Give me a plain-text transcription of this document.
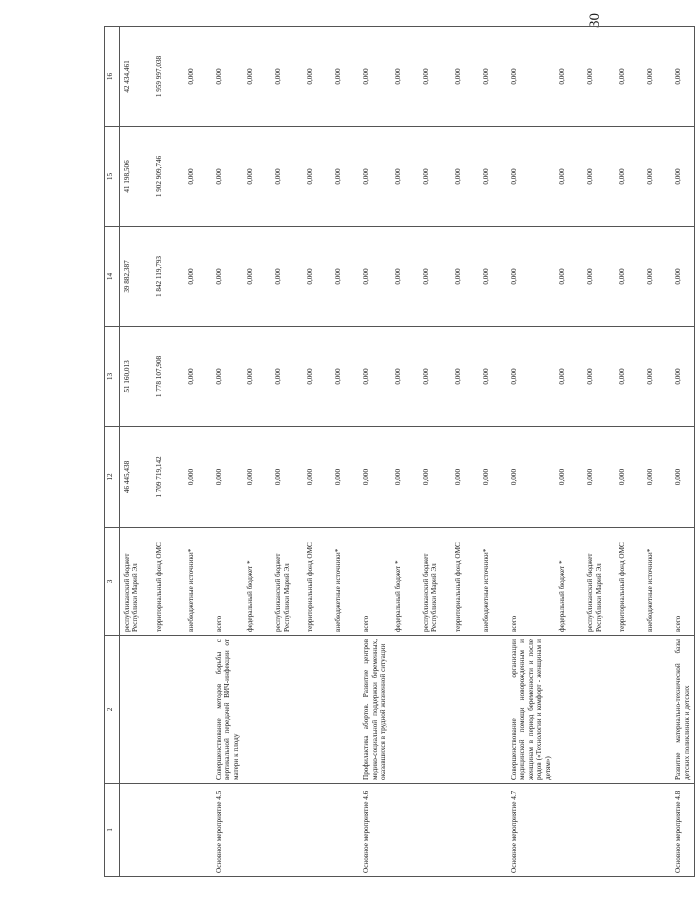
30
1	2	3	12	13	14	15	16
		республиканский бюджет Республики Марий Эл	46 445,438	51 160,013	39 882,387	41 198,506	42 434,461
		территориальный фонд ОМС	1 709 719,142	1 778 107,908	1 842 119,793	1 902 909,746	1 959 997,038
		внебюджетные источники*	0,000	0,000	0,000	0,000	0,000
Основное мероприятие 4.5	Совершенствование методов борьбы с вертикальной передачей ВИЧ-инфекции от матери к плоду	всего	0,000	0,000	0,000	0,000	0,000
		федеральный бюджет *	0,000	0,000	0,000	0,000	0,000
		республиканский бюджет Республики Марий Эл	0,000	0,000	0,000	0,000	0,000
		территориальный фонд ОМС	0,000	0,000	0,000	0,000	0,000
		внебюджетные источники*	0,000	0,000	0,000	0,000	0,000
Основное мероприятие 4.6	Профилактика абортов. Развитие центров медико-социальной поддержки беременных, оказавшихся в трудной жизненной ситуации	всего	0,000	0,000	0,000	0,000	0,000
		федеральный бюджет *	0,000	0,000	0,000	0,000	0,000
		республиканский бюджет Республики Марий Эл	0,000	0,000	0,000	0,000	0,000
		территориальный фонд ОМС	0,000	0,000	0,000	0,000	0,000
		внебюджетные источники*	0,000	0,000	0,000	0,000	0,000
Основное мероприятие 4.7	Совершенствование организации медицинской помощи новорожденным и женщинам в период беременности и после родов («Технологии и комфорт - женщинам и детям»)	всего	0,000	0,000	0,000	0,000	0,000
		федеральный бюджет *	0,000	0,000	0,000	0,000	0,000
		республиканский бюджет Республики Марий Эл	0,000	0,000	0,000	0,000	0,000
		территориальный фонд ОМС	0,000	0,000	0,000	0,000	0,000
		внебюджетные источники*	0,000	0,000	0,000	0,000	0,000
Основное мероприятие 4.8	Развитие материально-технической базы детских поликлиник и детских	всего	0,000	0,000	0,000	0,000	0,000
